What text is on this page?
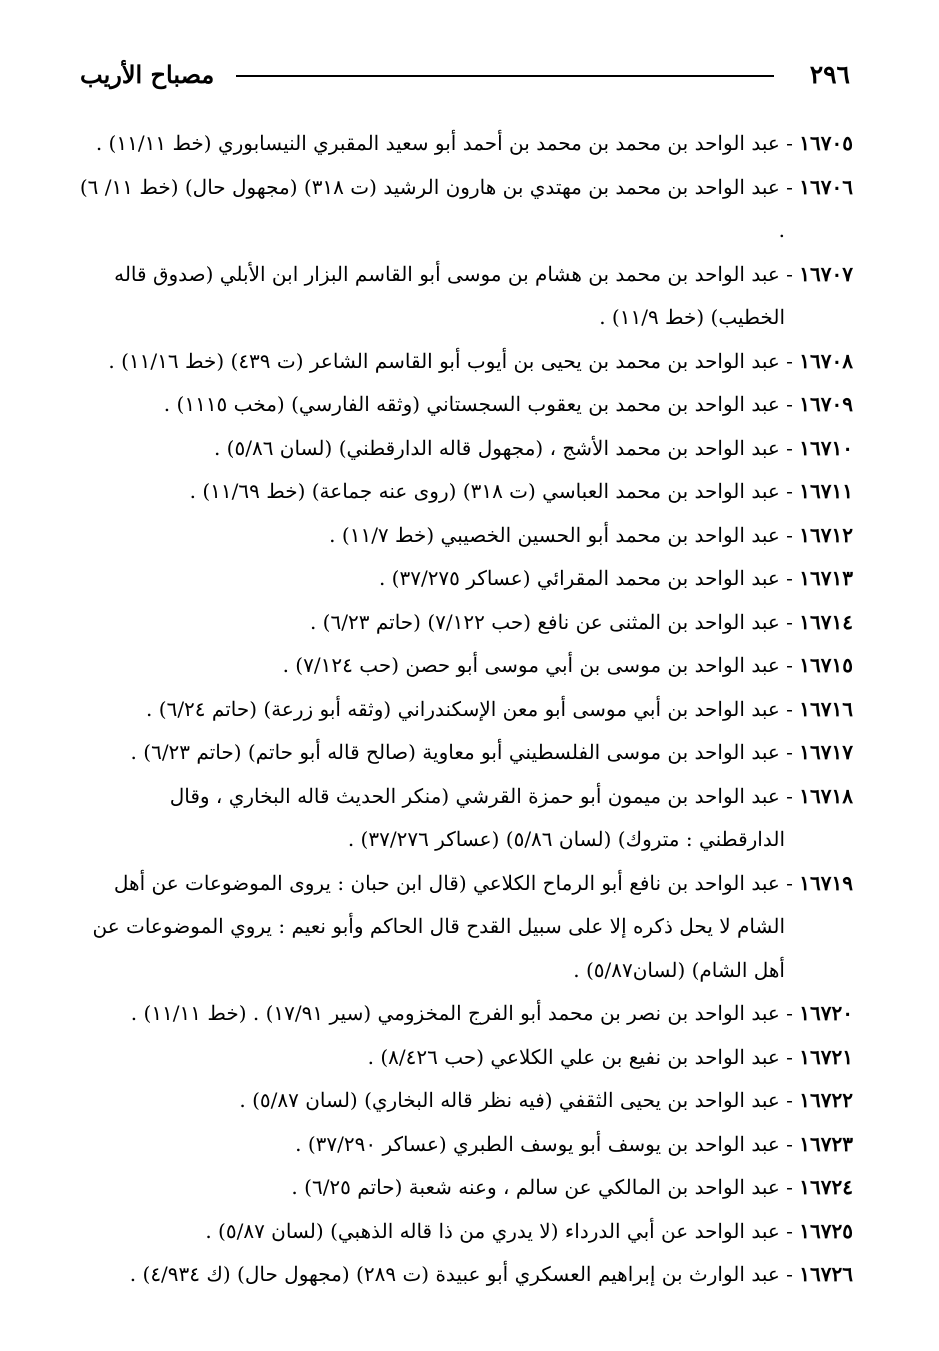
٢٩٦
مصباح الأريب
١٦٧٠٥ - عبد الواحد بن محمد بن محمد بن أحمد أبو سعيد المقبري النيسابوري (خط ١١/١١) .
١٦٧٠٦ - عبد الواحد بن محمد بن مهتدي بن هارون الرشيد (ت ٣١٨) (مجهول حال) (خط ١١/ ٦) .
١٦٧٠٧ - عبد الواحد بن محمد بن هشام بن موسى أبو القاسم البزار ابن الأبلي (صدوق قاله الخطيب) (خط ١١/٩) .
١٦٧٠٨ - عبد الواحد بن محمد بن يحيى بن أيوب أبو القاسم الشاعر (ت ٤٣٩) (خط ١١/١٦) .
١٦٧٠٩ - عبد الواحد بن محمد بن يعقوب السجستاني (وثقه الفارسي) (مخب ١١١٥) .
١٦٧١٠ - عبد الواحد بن محمد الأشج ، (مجهول قاله الدارقطني) (لسان ٥/٨٦) .
١٦٧١١ - عبد الواحد بن محمد العباسي (ت ٣١٨) (روى عنه جماعة) (خط ١١/٦٩) .
١٦٧١٢ - عبد الواحد بن محمد أبو الحسين الخصيبي (خط ١١/٧) .
١٦٧١٣ - عبد الواحد بن محمد المقرائي (عساكر ٣٧/٢٧٥) .
١٦٧١٤ - عبد الواحد بن المثنى عن نافع (حب ٧/١٢٢) (حاتم ٦/٢٣) .
١٦٧١٥ - عبد الواحد بن موسى بن أبي موسى أبو حصن (حب ٧/١٢٤) .
١٦٧١٦ - عبد الواحد بن أبي موسى أبو معن الإسكندراني (وثقه أبو زرعة) (حاتم ٦/٢٤) .
١٦٧١٧ - عبد الواحد بن موسى الفلسطيني أبو معاوية (صالح قاله أبو حاتم) (حاتم ٦/٢٣) .
١٦٧١٨ - عبد الواحد بن ميمون أبو حمزة القرشي (منكر الحديث قاله البخاري ، وقال الدارقطني : متروك) (لسان ٥/٨٦) (عساكر ٣٧/٢٧٦) .
١٦٧١٩ - عبد الواحد بن نافع أبو الرماح الكلاعي (قال ابن حبان : يروى الموضوعات عن أهل الشام لا يحل ذكره إلا على سبيل القدح قال الحاكم وأبو نعيم : يروي الموضوعات عن أهل الشام) (لسان٥/٨٧) .
١٦٧٢٠ - عبد الواحد بن نصر بن محمد أبو الفرج المخزومي (سير ١٧/٩١) . (خط ١١/١١) .
١٦٧٢١ - عبد الواحد بن نفيع بن علي الكلاعي (حب ٨/٤٢٦) .
١٦٧٢٢ - عبد الواحد بن يحيى الثقفي (فيه نظر قاله البخاري) (لسان ٥/٨٧) .
١٦٧٢٣ - عبد الواحد بن يوسف أبو يوسف الطبري (عساكر ٣٧/٢٩٠) .
١٦٧٢٤ - عبد الواحد بن المالكي عن سالم ، وعنه شعبة (حاتم ٦/٢٥) .
١٦٧٢٥ - عبد الواحد عن أبي الدرداء (لا يدري من ذا قاله الذهبي) (لسان ٥/٨٧) .
١٦٧٢٦ - عبد الوارث بن إبراهيم العسكري أبو عبيدة (ت ٢٨٩) (مجهول حال) (ك ٤/٩٣٤) .
